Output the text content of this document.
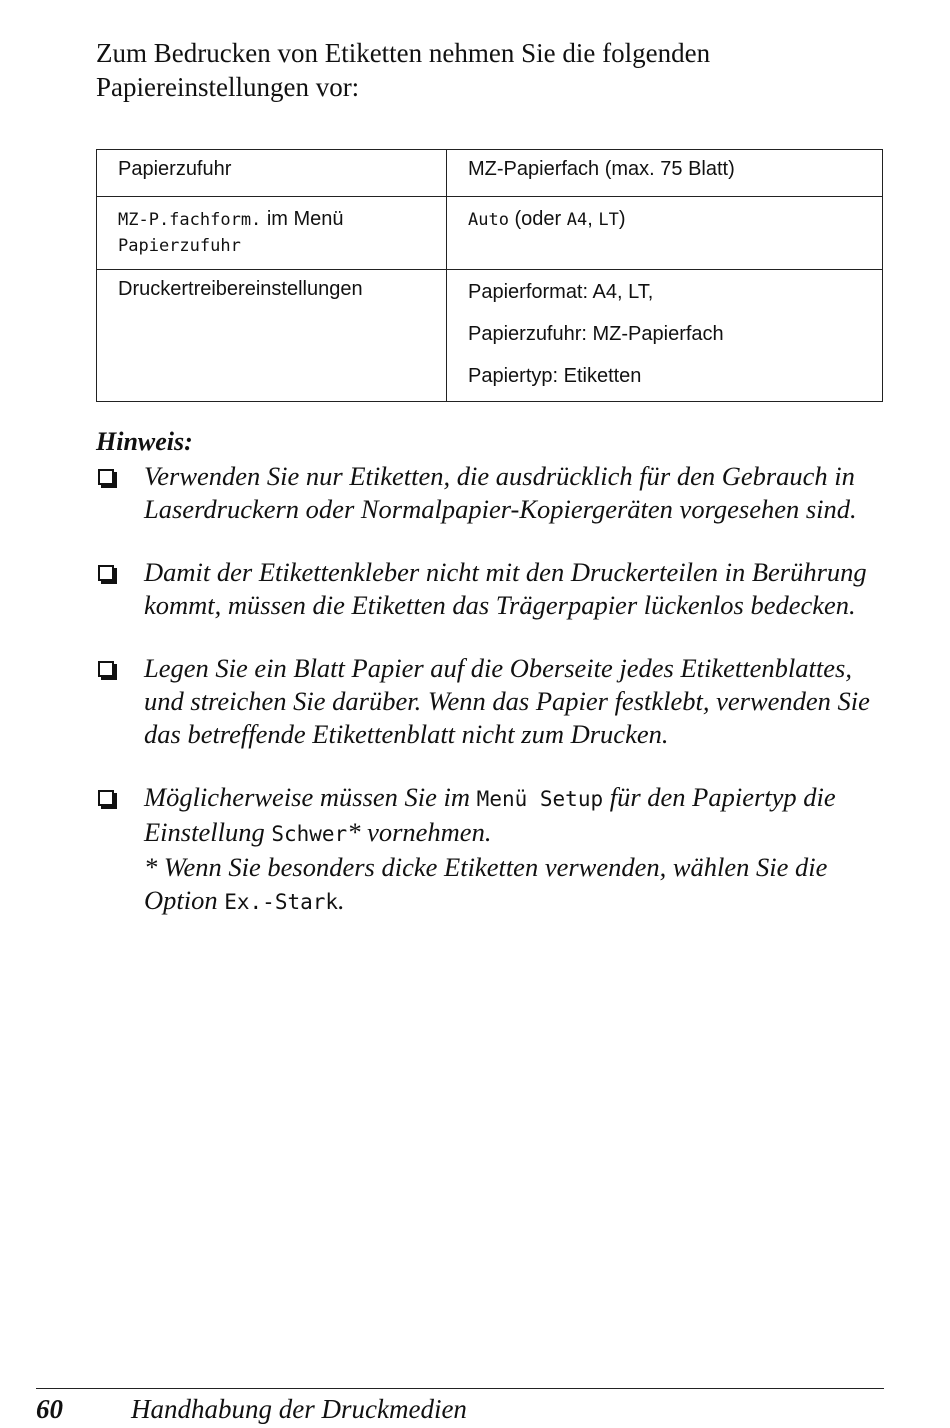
Zum Bedrucken von Etiketten nehmen Sie die folgenden Papiereinstellungen vor:

Papierzufuhr	MZ-Papierfach (max. 75 Blatt)

MZ-P.fachform. im Menü
Papierzufuhr	Auto (oder A4, LT)

Druckertreibereinstellungen	Papierformat: A4, LT,
Papierzufuhr: MZ-Papierfach
Papiertyp: Etiketten

Hinweis:

Verwenden Sie nur Etiketten, die ausdrücklich für den Gebrauch in Laserdruckern oder Normalpapier-Kopiergeräten vorgesehen sind.
Damit der Etikettenkleber nicht mit den Druckerteilen in Berührung kommt, müssen die Etiketten das Trägerpapier lückenlos bedecken.
Legen Sie ein Blatt Papier auf die Oberseite jedes Etikettenblattes, und streichen Sie darüber. Wenn das Papier festklebt, verwenden Sie das betreffende Etikettenblatt nicht zum Drucken.
Möglicherweise müssen Sie im Menü Setup für den Papiertyp die Einstellung Schwer* vornehmen.
* Wenn Sie besonders dicke Etiketten verwenden, wählen Sie die Option Ex.-Stark.
60	Handhabung der Druckmedien
